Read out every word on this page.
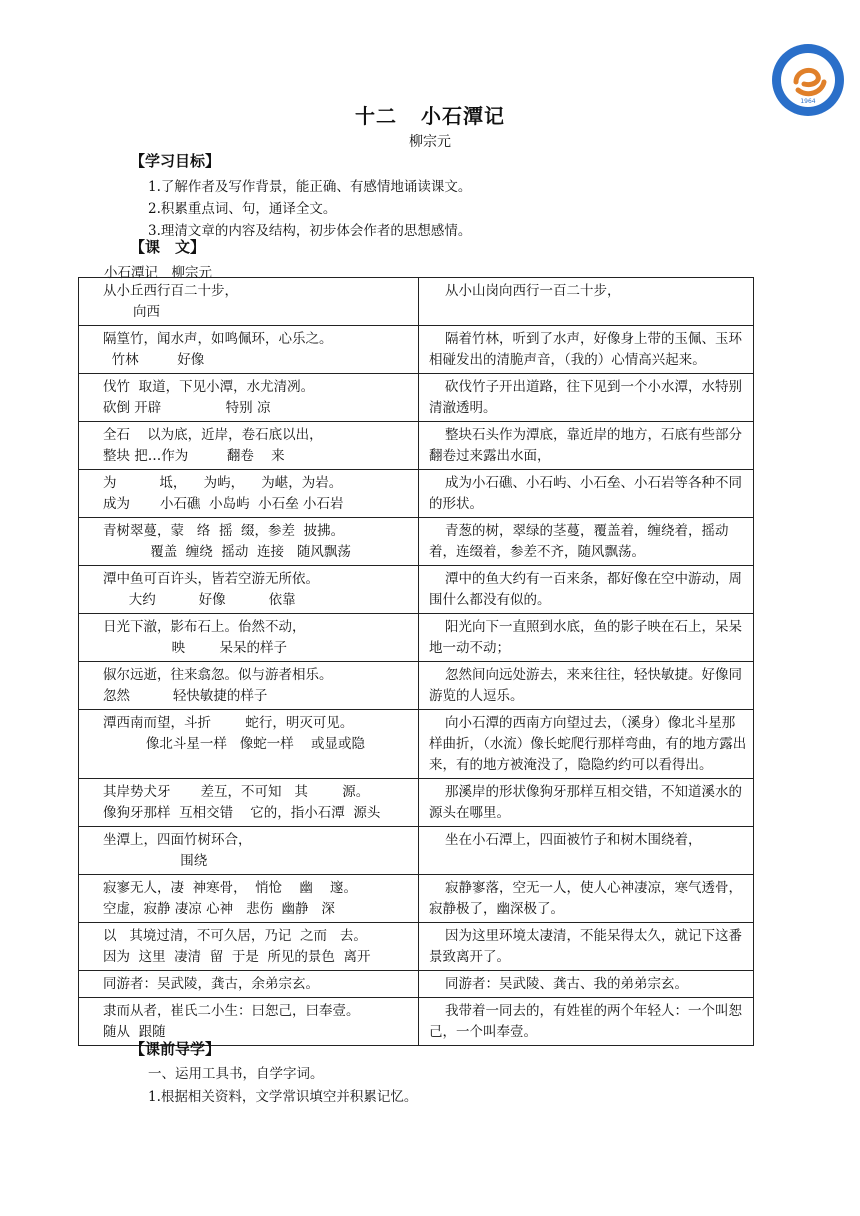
1964
十二 小石潭记
柳宗元
【学习目标】
1.了解作者及写作背景，能正确、有感情地诵读课文。
2.积累重点词、句，通译全文。
3.理清文章的内容及结构，初步体会作者的思想感情。
【课　文】
小石潭记　柳宗元
从小丘西行百二十步，
向西	从小山岗向西行一百二十步，

隔篁竹，闻水声，如鸣佩环，心乐之。
竹林         好像	隔着竹林，听到了水声，好像身上带的玉佩、玉环相碰发出的清脆声音，（我的）心情高兴起来。

伐竹  取道，下见小潭，水尤清冽。
砍倒 开辟               特别 凉	砍伐竹子开出道路，往下见到一个小水潭，水特别清澈透明。

全石    以为底，近岸，卷石底以出，
整块 把…作为         翻卷    来	整块石头作为潭底，靠近岸的地方，石底有些部分翻卷过来露出水面，

为          坻，    为屿，    为嵁，为岩。
成为       小石礁  小岛屿  小石垒 小石岩	成为小石礁、小石屿、小石垒、小石岩等各种不同的形状。

青树翠蔓，蒙   络  摇  缀，参差  披拂。
覆盖  缠绕  摇动  连接   随风飘荡	青葱的树，翠绿的茎蔓，覆盖着，缠绕着，摇动着，连缀着，参差不齐，随风飘荡。

潭中鱼可百许头，皆若空游无所依。
大约          好像          依靠	潭中的鱼大约有一百来条，都好像在空中游动，周围什么都没有似的。

日光下澈，影布石上。佁然不动，
映        呆呆的样子	阳光向下一直照到水底，鱼的影子映在石上，呆呆地一动不动；

俶尔远逝，往来翕忽。似与游者相乐。
忽然          轻快敏捷的样子	忽然间向远处游去，来来往往，轻快敏捷。好像同游览的人逗乐。

潭西南而望，斗折        蛇行，明灭可见。
像北斗星一样   像蛇一样    或显或隐	向小石潭的西南方向望过去，（溪身）像北斗星那样曲折，（水流）像长蛇爬行那样弯曲，有的地方露出来，有的地方被淹没了，隐隐约约可以看得出。

其岸势犬牙       差互，不可知   其        源。
像狗牙那样  互相交错    它的，指小石潭  源头	那溪岸的形状像狗牙那样互相交错，不知道溪水的源头在哪里。

坐潭上，四面竹树环合，
围绕	坐在小石潭上，四面被竹子和树木围绕着，

寂寥无人，凄  神寒骨，  悄怆    幽    邃。
空虚，寂静 凄凉 心神   悲伤  幽静   深	寂静寥落，空无一人，使人心神凄凉，寒气透骨，寂静极了，幽深极了。

以   其境过清，不可久居，乃记  之而   去。
因为  这里  凄清  留  于是  所见的景色  离开	因为这里环境太凄清，不能呆得太久，就记下这番景致离开了。

同游者：吴武陵，龚古，余弟宗玄。	同游者：吴武陵、龚古、我的弟弟宗玄。

隶而从者，崔氏二小生：曰恕己，曰奉壹。
随从  跟随	我带着一同去的，有姓崔的两个年轻人：一个叫恕己，一个叫奉壹。
【课前导学】
一、运用工具书，自学字词。
1.根据相关资料，文学常识填空并积累记忆。
